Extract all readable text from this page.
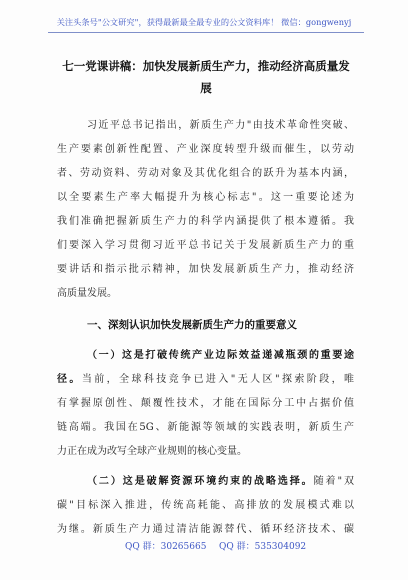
关注头条号"公文研究"，获得最新最全最专业的公文资料库！ 微信：gongwenyj
七一党课讲稿：加快发展新质生产力，推动经济高质量发
展
习近平总书记指出，新质生产力"由技术革命性突破、
生产要素创新性配置、产业深度转型升级而催生，以劳动
者、劳动资料、劳动对象及其优化组合的跃升为基本内涵，
以全要素生产率大幅提升为核心标志"。这一重要论述为
我们准确把握新质生产力的科学内涵提供了根本遵循。我
们要深入学习贯彻习近平总书记关于发展新质生产力的重
要讲话和指示批示精神，加快发展新质生产力，推动经济
高质量发展。
一、深刻认识加快发展新质生产力的重要意义
（一）这是打破传统产业边际效益递减瓶颈的重要途
径。当前，全球科技竞争已进入"无人区"探索阶段，唯
有掌握原创性、颠覆性技术，才能在国际分工中占据价值
链高端。我国在5G、新能源等领域的实践表明，新质生产
力正在成为改写全球产业规则的核心变量。
（二）这是破解资源环境约束的战略选择。随着"双
碳"目标深入推进，传统高耗能、高排放的发展模式难以
为继。新质生产力通过清洁能源替代、循环经济技术、碳
QQ 群：30265665 QQ 群：535304092
